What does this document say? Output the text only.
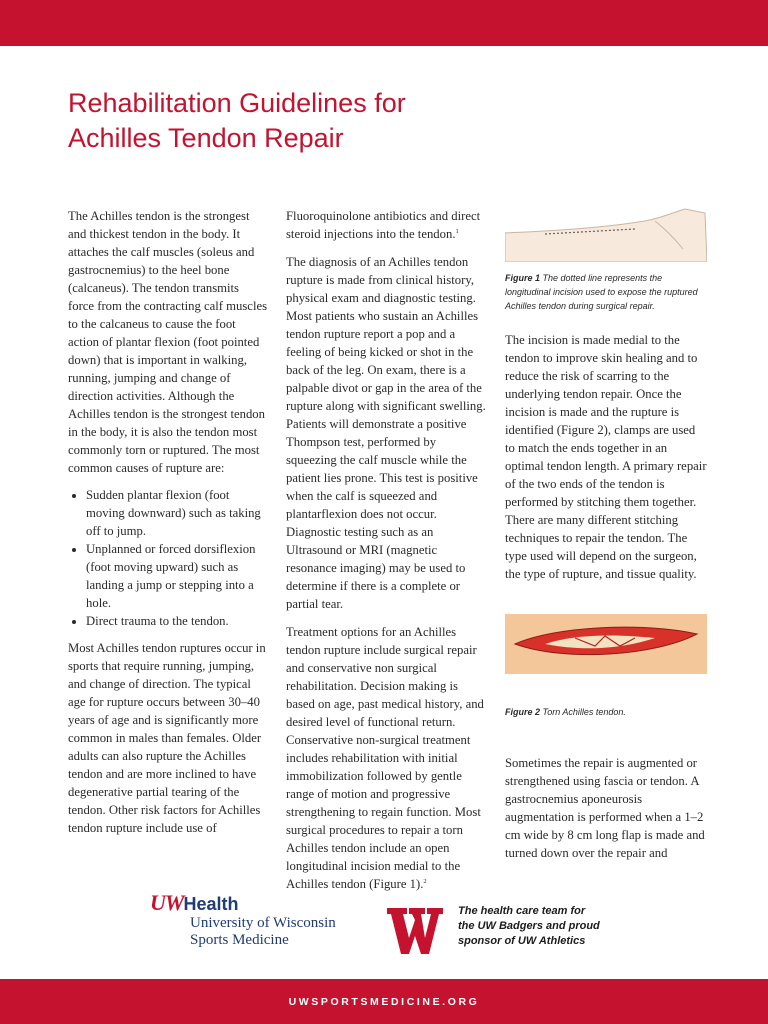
Rehabilitation Guidelines for
Achilles Tendon Repair

The Achilles tendon is the strongest and thickest tendon in the body. It attaches the calf muscles (soleus and gastrocnemius) to the heel bone (calcaneus). The tendon transmits force from the contracting calf muscles to the calcaneus to cause the foot action of plantar flexion (foot pointed down) that is important in walking, running, jumping and change of direction activities. Although the Achilles tendon is the strongest tendon in the body, it is also the tendon most commonly torn or ruptured. The most common causes of rupture are:

• Sudden plantar flexion (foot moving downward) such as taking off to jump.
• Unplanned or forced dorsiflexion (foot moving upward) such as landing a jump or stepping into a hole.
• Direct trauma to the tendon.

Most Achilles tendon ruptures occur in sports that require running, jumping, and change of direction. The typical age for rupture occurs between 30–40 years of age and is significantly more common in males than females. Older adults can also rupture the Achilles tendon and are more inclined to have degenerative partial tearing of the tendon. Other risk factors for Achilles tendon rupture include use of

Fluoroquinolone antibiotics and direct steroid injections into the tendon.$^1$

The diagnosis of an Achilles tendon rupture is made from clinical history, physical exam and diagnostic testing. Most patients who sustain an Achilles tendon rupture report a pop and a feeling of being kicked or shot in the back of the leg. On exam, there is a palpable divot or gap in the area of the rupture along with significant swelling. Patients will demonstrate a positive Thompson test, performed by squeezing the calf muscle while the patient lies prone. This test is positive when the calf is squeezed and plantarflexion does not occur. Diagnostic testing such as an Ultrasound or MRI (magnetic resonance imaging) may be used to determine if there is a complete or partial tear.

Treatment options for an Achilles tendon rupture include surgical repair and conservative non surgical rehabilitation. Decision making is based on age, past medical history, and desired level of functional return. Conservative non-surgical treatment includes rehabilitation with initial immobilization followed by gentle range of motion and progressive strengthening to regain function. Most surgical procedures to repair a torn Achilles tendon include an open longitudinal incision medial to the Achilles tendon (Figure 1).$^2$

Figure 1 The dotted line represents the longitudinal incision used to expose the ruptured Achilles tendon during surgical repair.

The incision is made medial to the tendon to improve skin healing and to reduce the risk of scarring to the underlying tendon repair. Once the incision is made and the rupture is identified (Figure 2), clamps are used to match the ends together in an optimal tendon length. A primary repair of the two ends of the tendon is performed by stitching them together. There are many different stitching techniques to repair the tendon. The type used will depend on the surgeon, the type of rupture, and tissue quality.

Figure 2 Torn Achilles tendon.

Sometimes the repair is augmented or strengthened using fascia or tendon. A gastrocnemius aponeurosis augmentation is performed when a 1–2 cm wide by 8 cm long flap is made and turned down over the repair and

UWHealth
University of Wisconsin
Sports Medicine
The health care team for
the UW Badgers and proud
sponsor of UW Athletics
UWSPORTSMEDICINE.ORG
